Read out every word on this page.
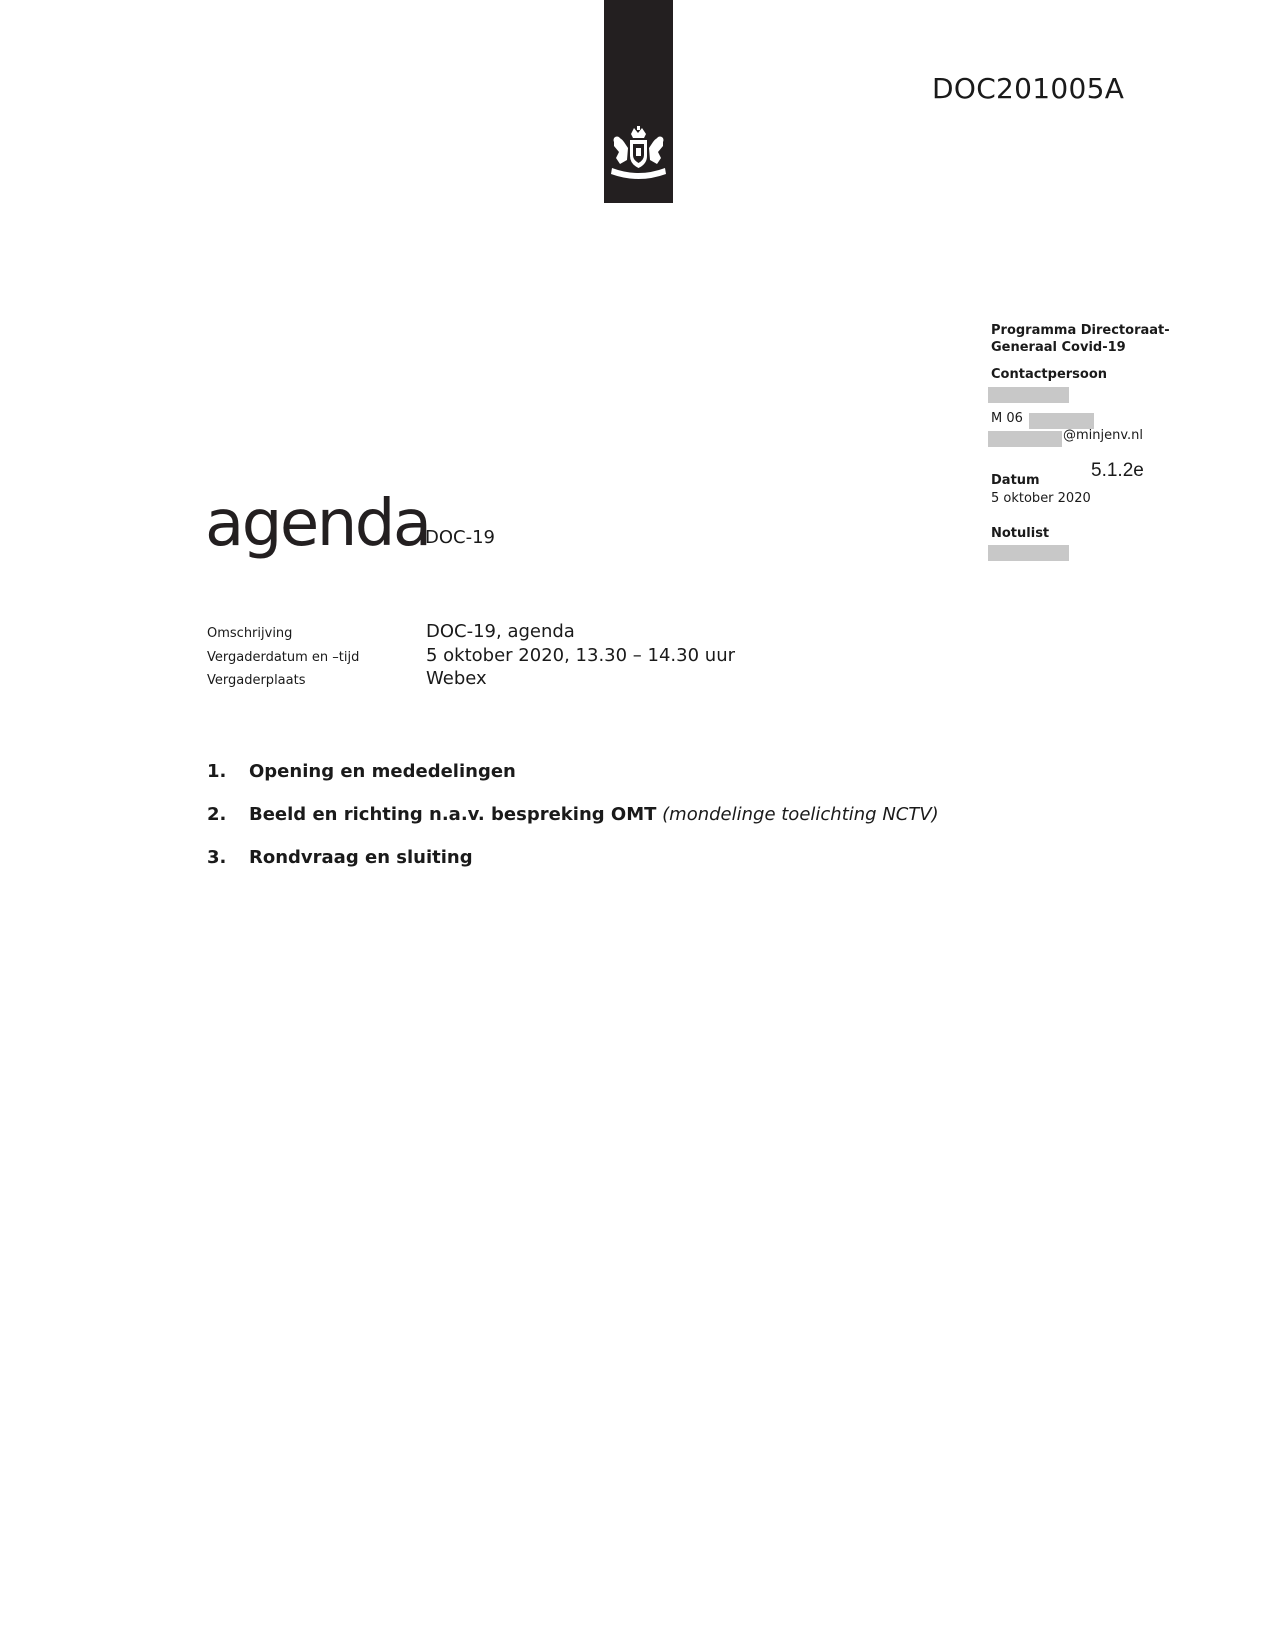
DOC201005A
Programma Directoraat-
Generaal Covid-19
Contactpersoon
M 06
@minjenv.nl
5.1.2e
Datum
5 oktober 2020
Notulist
agenda
DOC-19
Omschrijving	DOC-19, agenda
Vergaderdatum en –tijd	5 oktober 2020, 13.30 – 14.30 uur
Vergaderplaats	Webex
1. Opening en mededelingen
2. Beeld en richting n.a.v. bespreking OMT (mondelinge toelichting NCTV)
3. Rondvraag en sluiting
